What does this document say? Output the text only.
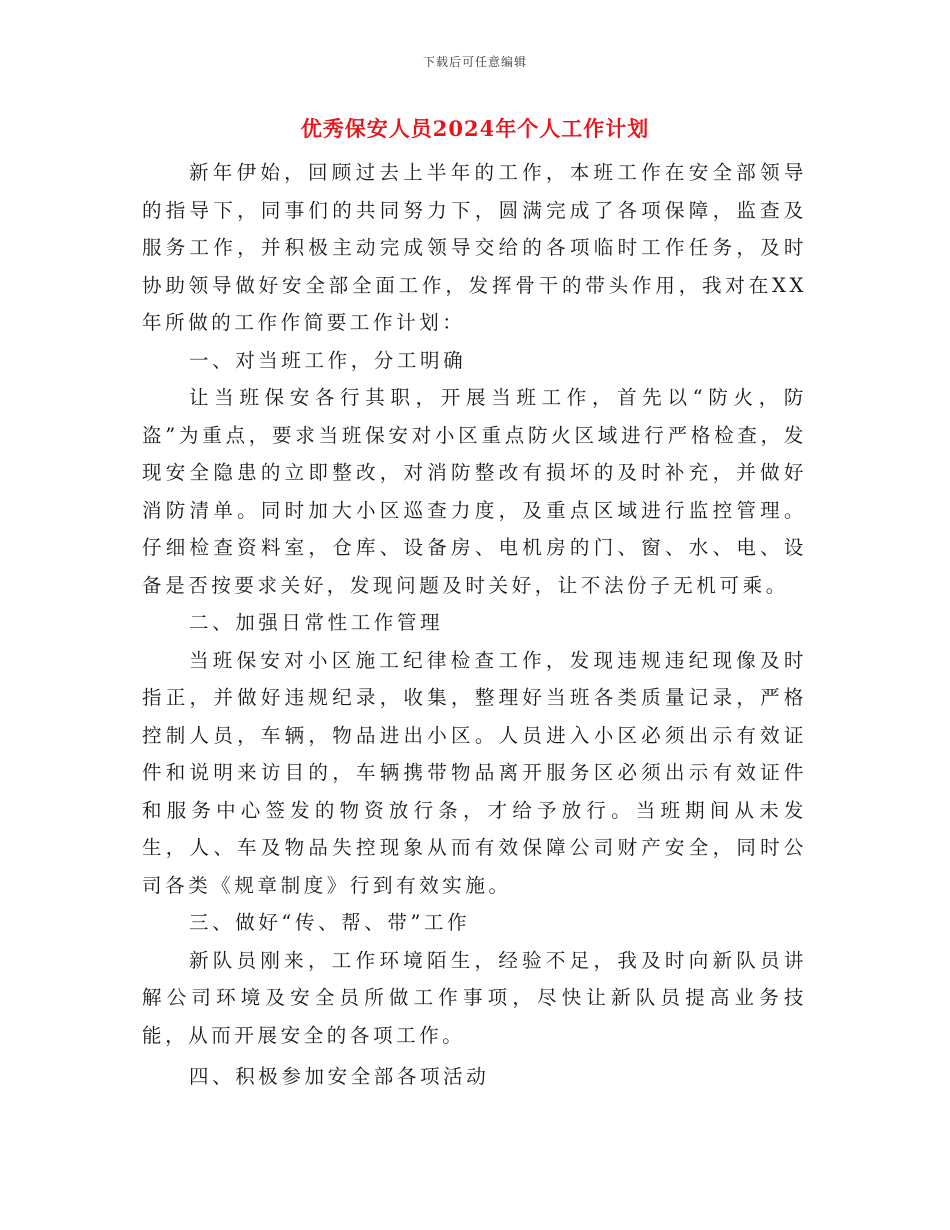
下载后可任意编辑
优秀保安人员2024年个人工作计划

新年伊始，回顾过去上半年的工作，本班工作在安全部领导的指导下，同事们的共同努力下，圆满完成了各项保障，监查及服务工作，并积极主动完成领导交给的各项临时工作任务，及时协助领导做好安全部全面工作，发挥骨干的带头作用，我对在XX年所做的工作作简要工作计划：

一、对当班工作，分工明确

让当班保安各行其职，开展当班工作，首先以“防火，防盗”为重点，要求当班保安对小区重点防火区域进行严格检查，发现安全隐患的立即整改，对消防整改有损坏的及时补充，并做好消防清单。同时加大小区巡查力度，及重点区域进行监控管理。仔细检查资料室，仓库、设备房、电机房的门、窗、水、电、设备是否按要求关好，发现问题及时关好，让不法份子无机可乘。

二、加强日常性工作管理

当班保安对小区施工纪律检查工作，发现违规违纪现像及时指正，并做好违规纪录，收集，整理好当班各类质量记录，严格控制人员，车辆，物品进出小区。人员进入小区必须出示有效证件和说明来访目的，车辆携带物品离开服务区必须出示有效证件和服务中心签发的物资放行条，才给予放行。当班期间从未发生，人、车及物品失控现象从而有效保障公司财产安全，同时公司各类《规章制度》行到有效实施。

三、做好“传、帮、带”工作

新队员刚来，工作环境陌生，经验不足，我及时向新队员讲解公司环境及安全员所做工作事项，尽快让新队员提高业务技能，从而开展安全的各项工作。

四、积极参加安全部各项活动
